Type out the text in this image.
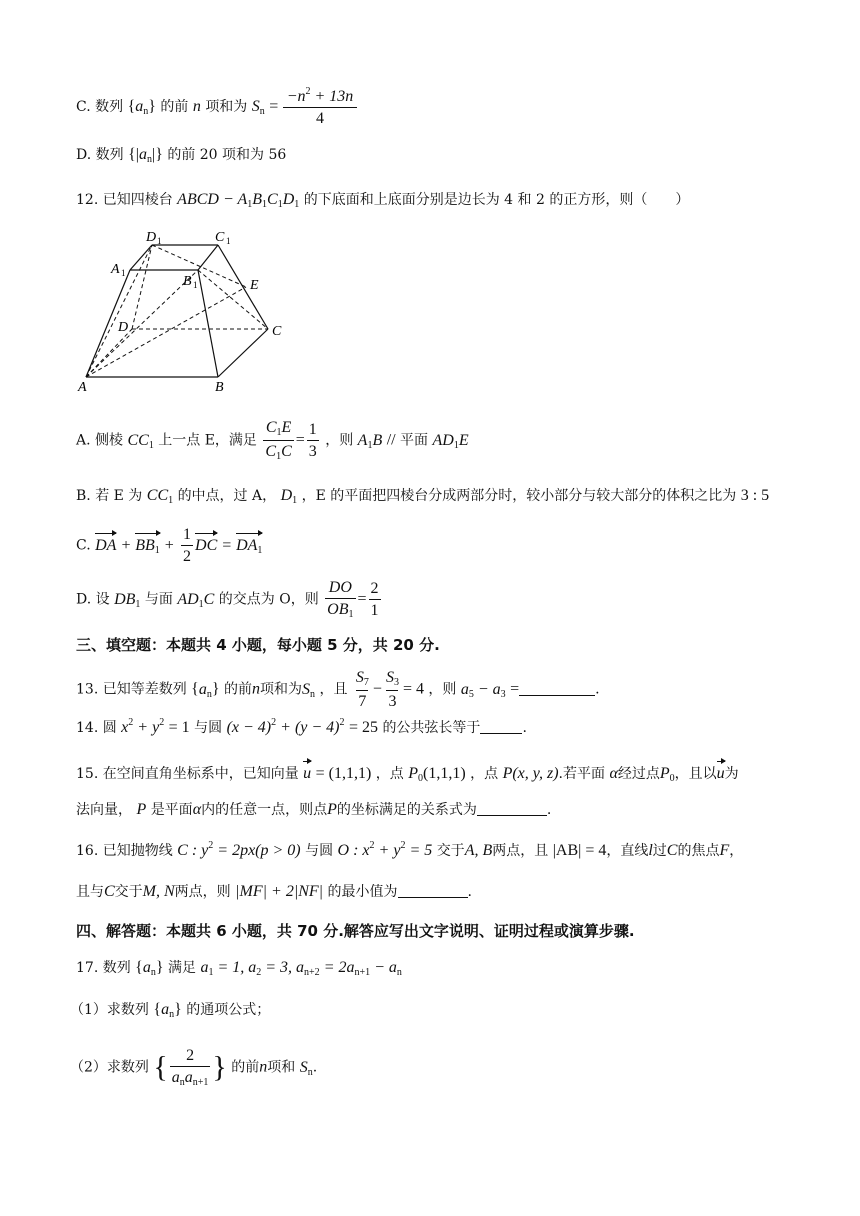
C. 数列 $\{a_n\}$ 的前 n 项和为 $S_n = \frac{-n^2 + 13n}{4}$
D. 数列 $\{|a_n|\}$ 的前 20 项和为 56
12. 已知四棱台 ABCD − $A_1B_1C_1D_1$ 的下底面和上底面分别是边长为 4 和 2 的正方形，则（　　）
D 1	C 1
A 1
B 1	E
D	C
A	B
A. 侧棱 $CC_1$ 上一点 E，满足 $\frac{C_1E}{C_1C} = \frac{1}{3}$ ，则 $A_1B$ // 平面 $AD_1E$
B. 若 E 为 $CC_1$ 的中点，过 A， $D_1$ ，E 的平面把四棱台分成两部分时，较小部分与较大部分的体积之比为 3 : 5
C. DA + $BB_1 + \frac{1}{2}$ DC = $DA_1$
D. 设 $DB_1$ 与面 $AD_1C$ 的交点为 O，则 $\frac{DO}{OB_1} = \frac{2}{1}$
三、填空题：本题共 4 小题，每小题 5 分，共 20 分.
13. 已知等差数列 $\{a_n\}$ 的前n项和为$S_n$ ，且 $\frac{S_7}{7} - \frac{S_3}{3} = 4$ ，则 $a_5 - a_3$ =	.
14. 圆 $x^2 + y^2 = 1$ 与圆 $(x - 4)^2 + (y - 4)^2 = 25$ 的公共弦长等于	.
15. 在空间直角坐标系中，已知向量 u = (1,1,1) ，点 $P_0(1,1,1)$ ，点 P(x, y, z).若平面 α经过点$P_0$，且以u为
法向量， P 是平面α内的任意一点，则点P的坐标满足的关系式为	.
16. 已知抛物线 C : $y^2 = 2px(p > 0)$ 与圆 O : $x^2 + y^2 = 5$ 交于A, B两点，且 |AB| = 4，直线l过C的焦点F，
且与C交于M, N两点，则 |MF| + 2|NF| 的最小值为	.
四、解答题：本题共 6 小题，共 70 分.解答应写出文字说明、证明过程或演算步骤.
17. 数列 $\{a_n\}$ 满足 $a_1 = 1$, $a_2 = 3$, $a_{n+2} = 2a_{n+1} - a_n$
（1）求数列 $\{a_n\}$ 的通项公式；
（2）求数列 { $\frac{2}{a_na_{n+1}}$ } 的前n项和 $S_n$.
